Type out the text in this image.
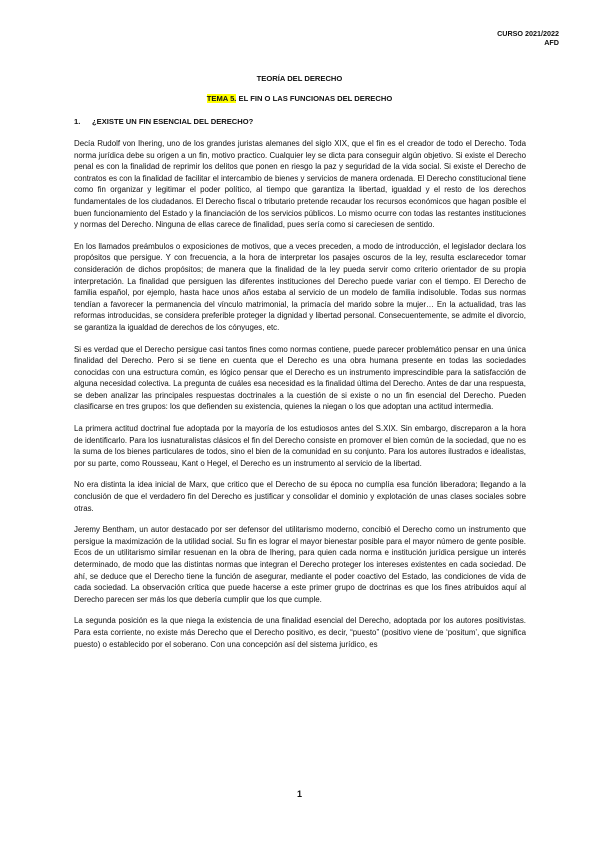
CURSO 2021/2022
AFD
TEORÍA DEL DERECHO
TEMA 5. EL FIN O LAS FUNCIONAS DEL DERECHO
1. ¿EXISTE UN FIN ESENCIAL DEL DERECHO?

Decía Rudolf von Ihering, uno de los grandes juristas alemanes del siglo XIX, que el fin es el creador de todo el Derecho. Toda norma jurídica debe su origen a un fin, motivo practico. Cualquier ley se dicta para conseguir algún objetivo. Si existe el Derecho penal es con la finalidad de reprimir los delitos que ponen en riesgo la paz y seguridad de la vida social. Si existe el Derecho de contratos es con la finalidad de facilitar el intercambio de bienes y servicios de manera ordenada. El Derecho constitucional tiene como fin organizar y legitimar el poder político, al tiempo que garantiza la libertad, igualdad y el resto de los derechos fundamentales de los ciudadanos. El Derecho fiscal o tributario pretende recaudar los recursos económicos que hagan posible el buen funcionamiento del Estado y la financiación de los servicios públicos. Lo mismo ocurre con todas las restantes instituciones y normas del Derecho. Ninguna de ellas carece de finalidad, pues sería como si careciesen de sentido.

En los llamados preámbulos o exposiciones de motivos, que a veces preceden, a modo de introducción, el legislador declara los propósitos que persigue. Y con frecuencia, a la hora de interpretar los pasajes oscuros de la ley, resulta esclarecedor tomar consideración de dichos propósitos; de manera que la finalidad de la ley pueda servir como criterio orientador de su propia interpretación. La finalidad que persiguen las diferentes instituciones del Derecho puede variar con el tiempo. El Derecho de familia español, por ejemplo, hasta hace unos años estaba al servicio de un modelo de familia indisoluble. Todas sus normas tendían a favorecer la permanencia del vínculo matrimonial, la primacía del marido sobre la mujer… En la actualidad, tras las reformas introducidas, se considera preferible proteger la dignidad y libertad personal. Consecuentemente, se admite el divorcio, se garantiza la igualdad de derechos de los cónyuges, etc.

Si es verdad que el Derecho persigue casi tantos fines como normas contiene, puede parecer problemático pensar en una única finalidad del Derecho. Pero si se tiene en cuenta que el Derecho es una obra humana presente en todas las sociedades conocidas con una estructura común, es lógico pensar que el Derecho es un instrumento imprescindible para la satisfacción de alguna necesidad colectiva. La pregunta de cuáles esa necesidad es la finalidad última del Derecho. Antes de dar una respuesta, se deben analizar las principales respuestas doctrinales a la cuestión de si existe o no un fin esencial del Derecho. Pueden clasificarse en tres grupos: los que defienden su existencia, quienes la niegan o los que adoptan una actitud intermedia.

La primera actitud doctrinal fue adoptada por la mayoría de los estudiosos antes del S.XIX. Sin embargo, discreparon a la hora de identificarlo. Para los iusnaturalistas clásicos el fin del Derecho consiste en promover el bien común de la sociedad, que no es la suma de los bienes particulares de todos, sino el bien de la comunidad en su conjunto. Para los autores ilustrados e idealistas, por su parte, como Rousseau, Kant o Hegel, el Derecho es un instrumento al servicio de la libertad.

No era distinta la idea inicial de Marx, que critico que el Derecho de su época no cumplía esa función liberadora; llegando a la conclusión de que el verdadero fin del Derecho es justificar y consolidar el dominio y explotación de unas clases sociales sobre otras.

Jeremy Bentham, un autor destacado por ser defensor del utilitarismo moderno, concibió el Derecho como un instrumento que persigue la maximización de la utilidad social. Su fin es lograr el mayor bienestar posible para el mayor número de gente posible. Ecos de un utilitarismo similar resuenan en la obra de Ihering, para quien cada norma e institución jurídica persigue un interés determinado, de modo que las distintas normas que integran el Derecho proteger los intereses existentes en cada sociedad. De ahí, se deduce que el Derecho tiene la función de asegurar, mediante el poder coactivo del Estado, las condiciones de vida de cada sociedad. La observación crítica que puede hacerse a este primer grupo de doctrinas es que los fines atribuidos aquí al Derecho parecen ser más los que debería cumplir que los que cumple.

La segunda posición es la que niega la existencia de una finalidad esencial del Derecho, adoptada por los autores positivistas. Para esta corriente, no existe más Derecho que el Derecho positivo, es decir, “puesto” (positivo viene de ‘positum’, que significa puesto) o establecido por el soberano. Con una concepción así del sistema jurídico, es

1
